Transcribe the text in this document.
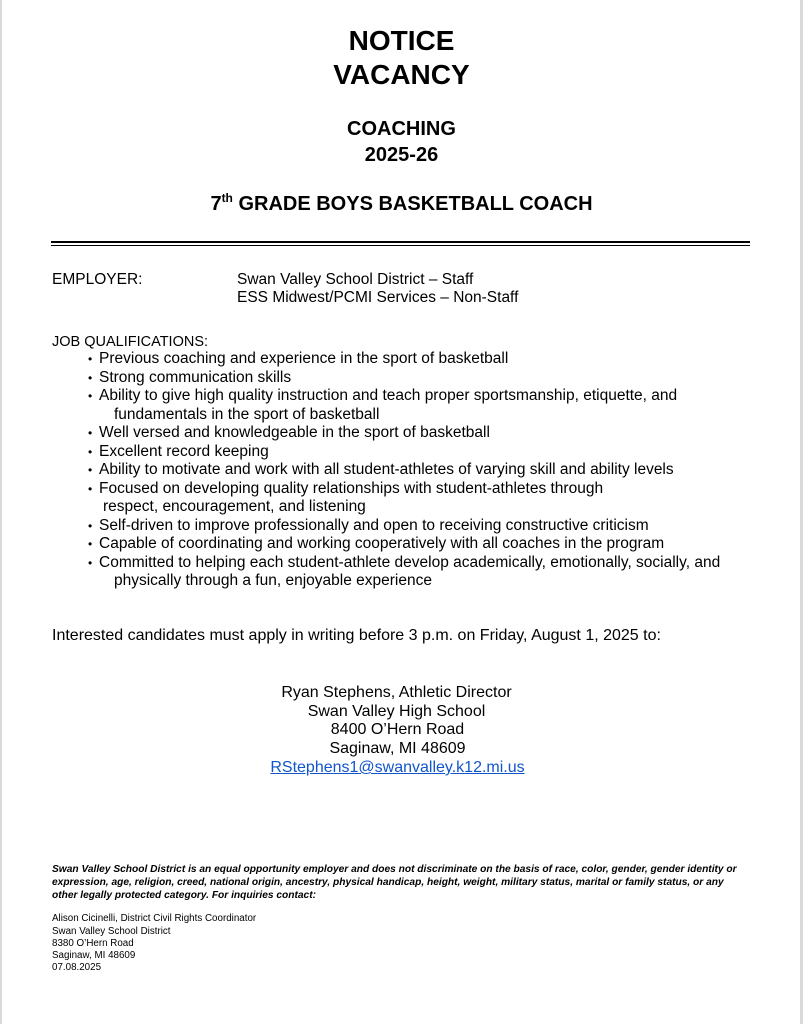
NOTICE
VACANCY
COACHING
2025-26
7th GRADE BOYS BASKETBALL COACH
EMPLOYER:	Swan Valley School District – Staff
ESS Midwest/PCMI Services – Non-Staff
JOB QUALIFICATIONS:
• Previous coaching and experience in the sport of basketball
• Strong communication skills
• Ability to give high quality instruction and teach proper sportsmanship, etiquette, and
fundamentals in the sport of basketball
• Well versed and knowledgeable in the sport of basketball
• Excellent record keeping
• Ability to motivate and work with all student-athletes of varying skill and ability levels
• Focused on developing quality relationships with student-athletes through
respect, encouragement, and listening
• Self-driven to improve professionally and open to receiving constructive criticism
• Capable of coordinating and working cooperatively with all coaches in the program
• Committed to helping each student-athlete develop academically, emotionally, socially, and
physically through a fun, enjoyable experience
Interested candidates must apply in writing before 3 p.m. on Friday, August 1, 2025 to:
Ryan Stephens, Athletic Director
Swan Valley High School
8400 O’Hern Road
Saginaw, MI 48609
RStephens1@swanvalley.k12.mi.us
Swan Valley School District is an equal opportunity employer and does not discriminate on the basis of race, color, gender, gender identity or expression, age, religion, creed, national origin, ancestry, physical handicap, height, weight, military status, marital or family status, or any other legally protected category. For inquiries contact:
Alison Cicinelli, District Civil Rights Coordinator
Swan Valley School District
8380 O’Hern Road
Saginaw, MI 48609
07.08.2025
